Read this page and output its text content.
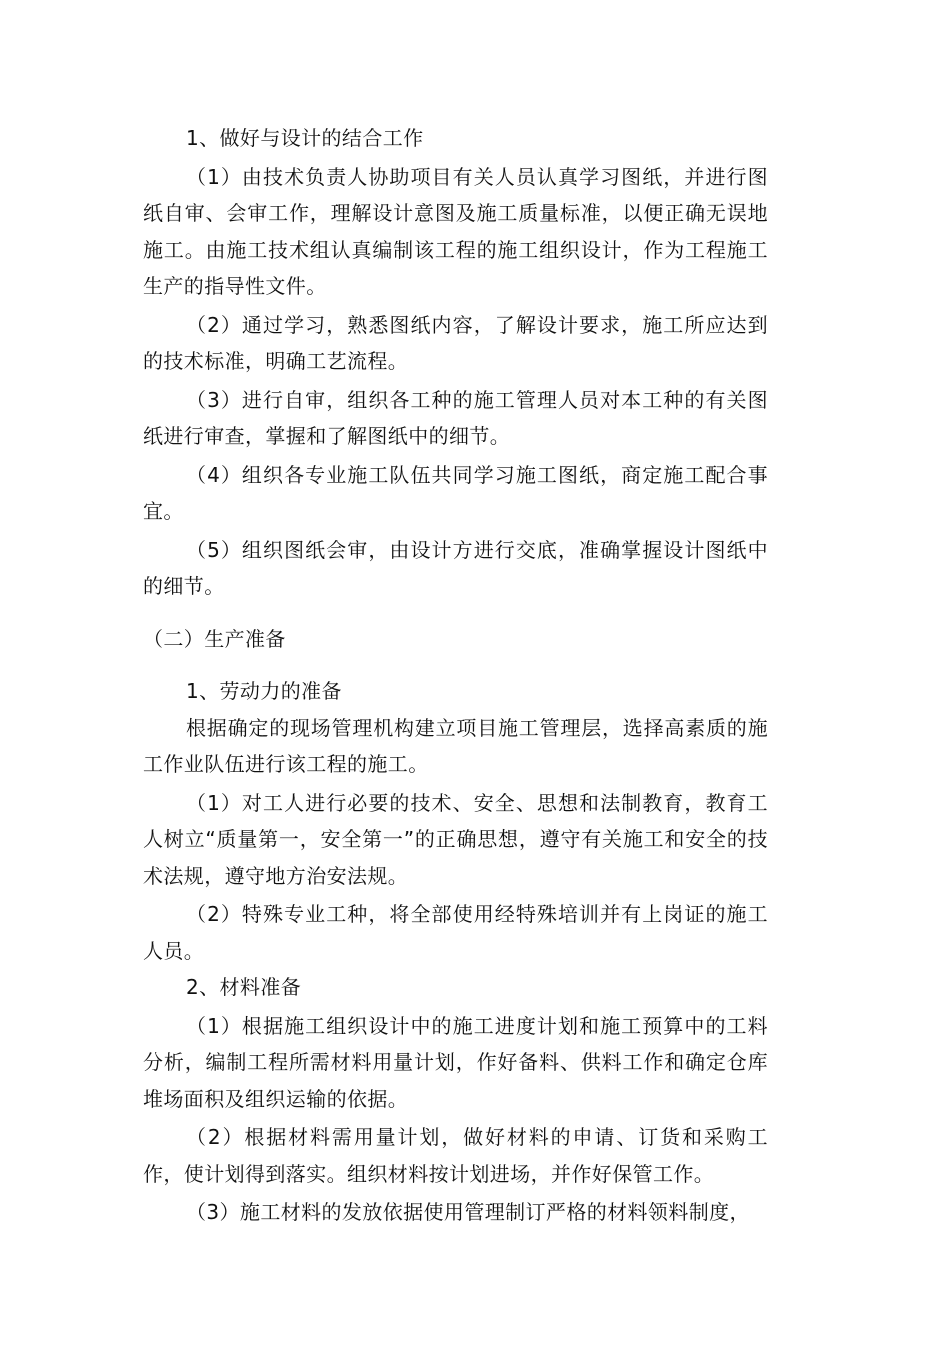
1、做好与设计的结合工作

（1）由技术负责人协助项目有关人员认真学习图纸，并进行图纸自审、会审工作，理解设计意图及施工质量标准，以便正确无误地施工。由施工技术组认真编制该工程的施工组织设计，作为工程施工生产的指导性文件。

（2）通过学习，熟悉图纸内容，了解设计要求，施工所应达到的技术标准，明确工艺流程。

（3）进行自审，组织各工种的施工管理人员对本工种的有关图纸进行审查，掌握和了解图纸中的细节。

（4）组织各专业施工队伍共同学习施工图纸，商定施工配合事宜。

（5）组织图纸会审，由设计方进行交底，准确掌握设计图纸中的细节。

（二）生产准备

1、劳动力的准备

根据确定的现场管理机构建立项目施工管理层，选择高素质的施工作业队伍进行该工程的施工。

（1）对工人进行必要的技术、安全、思想和法制教育，教育工人树立“质量第一，安全第一”的正确思想，遵守有关施工和安全的技术法规，遵守地方治安法规。

（2）特殊专业工种，将全部使用经特殊培训并有上岗证的施工人员。

2、材料准备

（1）根据施工组织设计中的施工进度计划和施工预算中的工料分析，编制工程所需材料用量计划，作好备料、供料工作和确定仓库堆场面积及组织运输的依据。

（2）根据材料需用量计划，做好材料的申请、订货和采购工作，使计划得到落实。组织材料按计划进场，并作好保管工作。

（3）施工材料的发放依据使用管理制订严格的材料领料制度，
